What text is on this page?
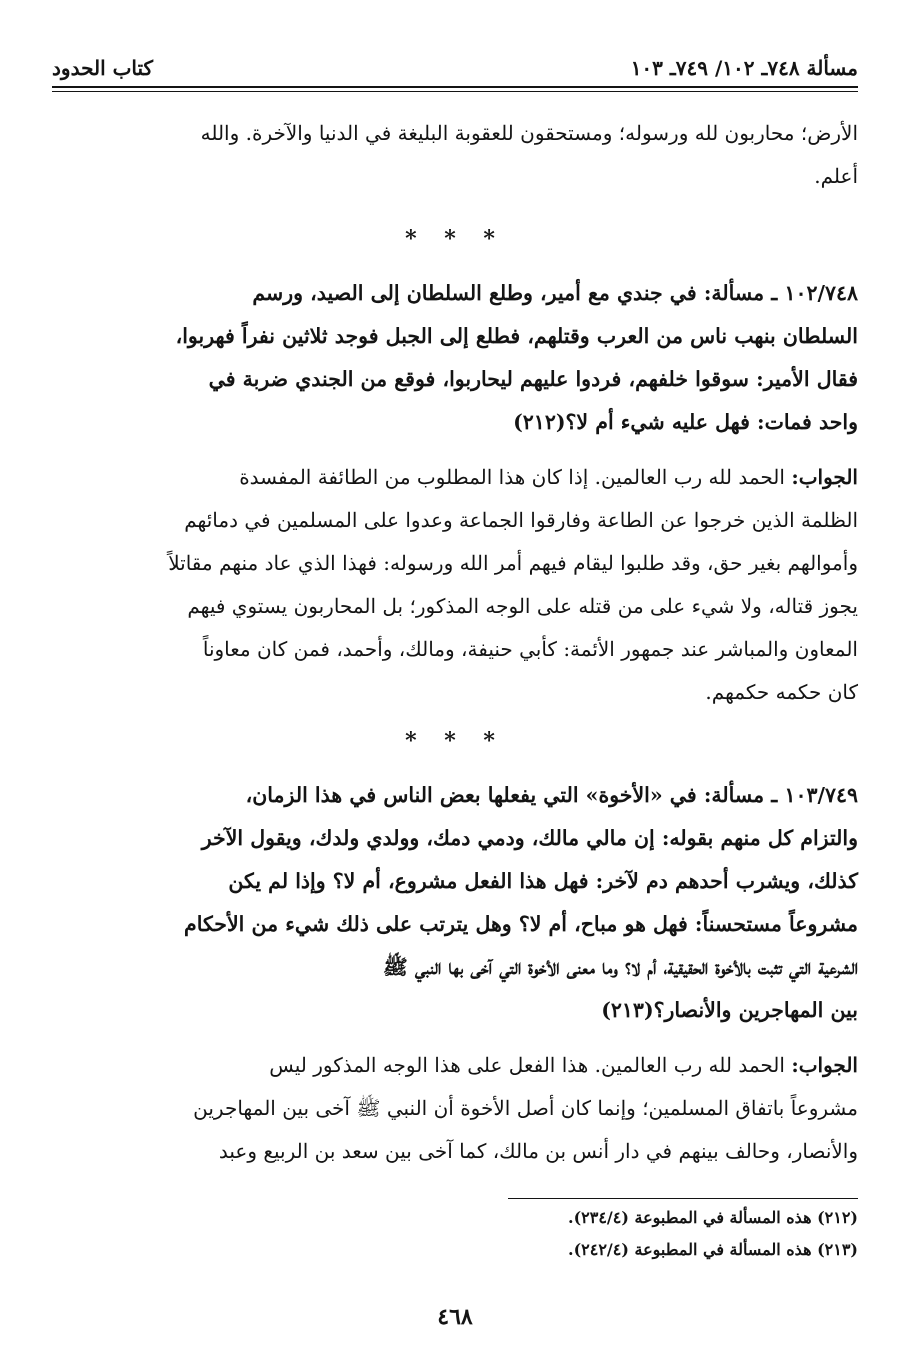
مسألة ٧٤٨ـ ١٠٢/ ٧٤٩ـ ١٠٣
كتاب الحدود
الأرض؛ محاربون لله ورسوله؛ ومستحقون للعقوبة البليغة في الدنيا والآخرة. والله
أعلم.
* * *
١٠٢/٧٤٨ ـ مسألة: في جندي مع أمير، وطلع السلطان إلى الصيد، ورسم
السلطان بنهب ناس من العرب وقتلهم، فطلع إلى الجبل فوجد ثلاثين نفراً فهربوا،
فقال الأمير: سوقوا خلفهم، فردوا عليهم ليحاربوا، فوقع من الجندي ضربة في
واحد فمات: فهل عليه شيء أم لا؟(٢١٢)
الجواب: الحمد لله رب العالمين. إذا كان هذا المطلوب من الطائفة المفسدة
الظلمة الذين خرجوا عن الطاعة وفارقوا الجماعة وعدوا على المسلمين في دمائهم
وأموالهم بغير حق، وقد طلبوا ليقام فيهم أمر الله ورسوله: فهذا الذي عاد منهم مقاتلاً
يجوز قتاله، ولا شيء على من قتله على الوجه المذكور؛ بل المحاربون يستوي فيهم
المعاون والمباشر عند جمهور الأئمة: كأبي حنيفة، ومالك، وأحمد، فمن كان معاوناً
كان حكمه حكمهم.
* * *
١٠٣/٧٤٩ ـ مسألة: في «الأخوة» التي يفعلها بعض الناس في هذا الزمان،
والتزام كل منهم بقوله: إن مالي مالك، ودمي دمك، وولدي ولدك، ويقول الآخر
كذلك، ويشرب أحدهم دم لآخر: فهل هذا الفعل مشروع، أم لا؟ وإذا لم يكن
مشروعاً مستحسناً: فهل هو مباح، أم لا؟ وهل يترتب على ذلك شيء من الأحكام
الشرعية التي تثبت بالأخوة الحقيقية، أم لا؟ وما معنى الأخوة التي آخى بها النبي ﷺ
بين المهاجرين والأنصار؟(٢١٣)
الجواب: الحمد لله رب العالمين. هذا الفعل على هذا الوجه المذكور ليس
مشروعاً باتفاق المسلمين؛ وإنما كان أصل الأخوة أن النبي ﷺ آخى بين المهاجرين
والأنصار، وحالف بينهم في دار أنس بن مالك، كما آخى بين سعد بن الربيع وعبد
(٢١٢) هذه المسألة في المطبوعة (٢٣٤/٤).
(٢١٣) هذه المسألة في المطبوعة (٢٤٢/٤).
٤٦٨
